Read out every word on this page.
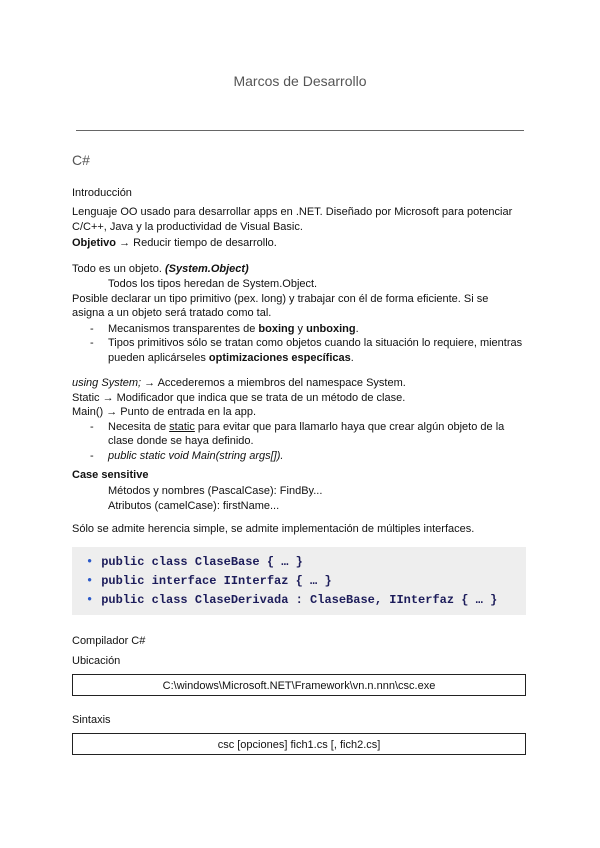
Marcos de Desarrollo
C#
Introducción
Lenguaje OO usado para desarrollar apps en .NET. Diseñado por Microsoft para potenciar
C/C++, Java y la productividad de Visual Basic.
Objetivo → Reducir tiempo de desarrollo.
Todo es un objeto. (System.Object)
Todos los tipos heredan de System.Object.
Posible declarar un tipo primitivo (pex. long) y trabajar con él de forma eficiente. Si se
asigna a un objeto será tratado como tal.
- Mecanismos transparentes de boxing y unboxing.
- Tipos primitivos sólo se tratan como objetos cuando la situación lo requiere, mientras
pueden aplicárseles optimizaciones específicas.
using System; → Accederemos a miembros del namespace System.
Static → Modificador que indica que se trata de un método de clase.
Main() → Punto de entrada en la app.
- Necesita de static para evitar que para llamarlo haya que crear algún objeto de la
clase donde se haya definido.
- public static void Main(string args[]).
Case sensitive
Métodos y nombres (PascalCase): FindBy...
Atributos (camelCase): firstName...
Sólo se admite herencia simple, se admite implementación de múltiples interfaces.
• public class ClaseBase { … }
• public interface IInterfaz { … }
• public class ClaseDerivada : ClaseBase, IInterfaz { … }
Compilador C#
Ubicación
C:\windows\Microsoft.NET\Framework\vn.n.nnn\csc.exe
Sintaxis
csc [opciones] fich1.cs [, fich2.cs]
